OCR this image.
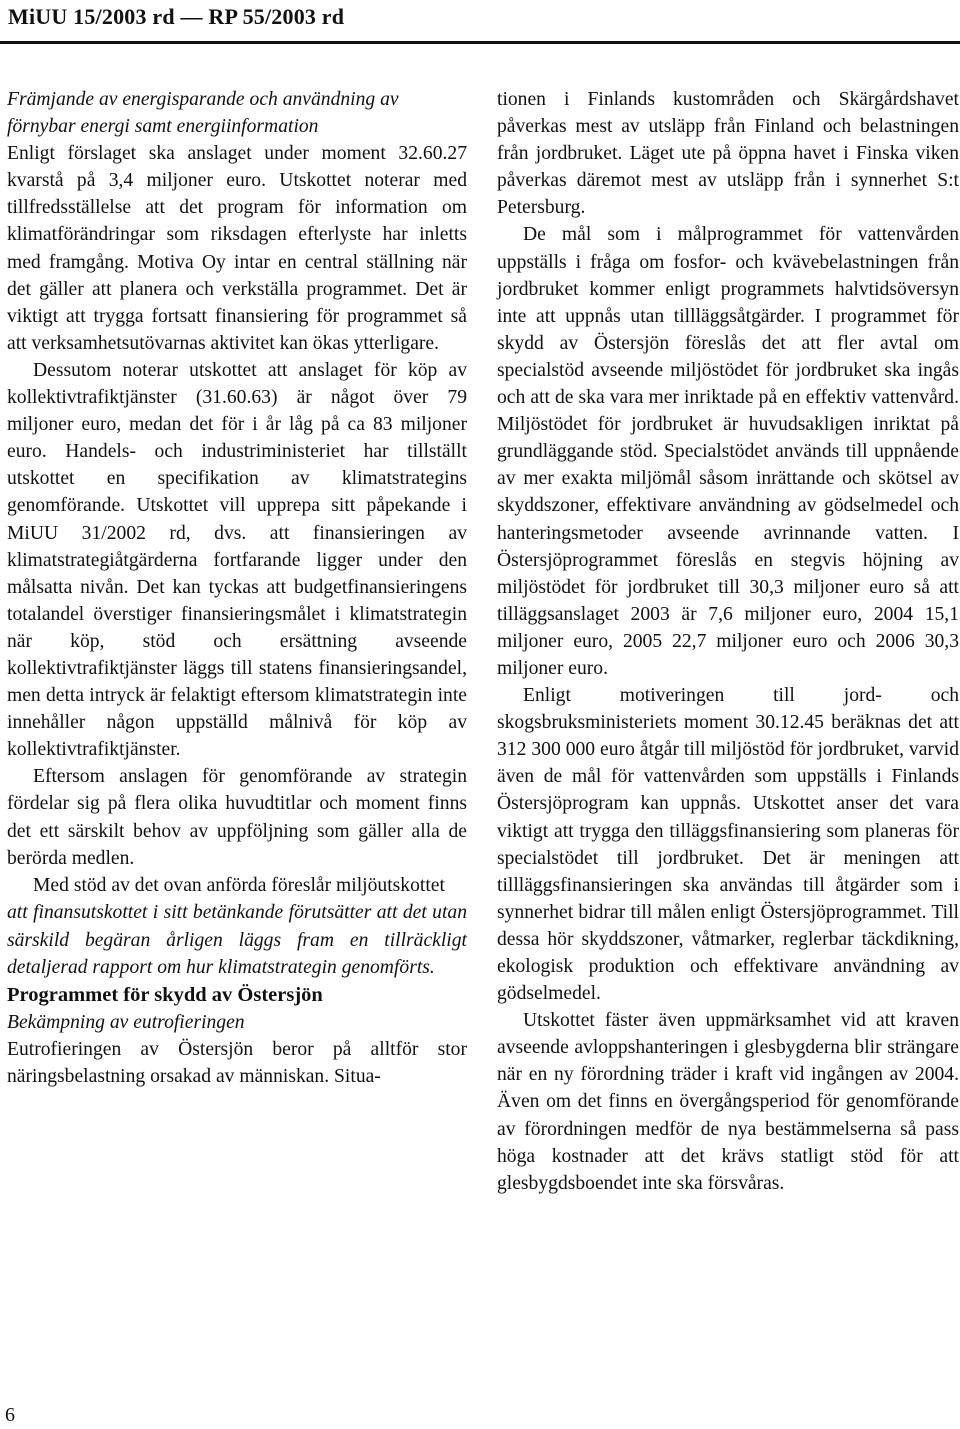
MiUU 15/2003 rd — RP 55/2003 rd

Främjande av energisparande och användning av förnybar energi samt energiinformation

Enligt förslaget ska anslaget under moment 32.60.27 kvarstå på 3,4 miljoner euro. Utskottet noterar med tillfredsställelse att det program för information om klimatförändringar som riksdagen efterlyste har inletts med framgång. Motiva Oy intar en central ställning när det gäller att planera och verkställa programmet. Det är viktigt att trygga fortsatt finansiering för programmet så att verksamhetsutövarnas aktivitet kan ökas ytterligare.

Dessutom noterar utskottet att anslaget för köp av kollektivtrafiktjänster (31.60.63) är något över 79 miljoner euro, medan det för i år låg på ca 83 miljoner euro. Handels- och industriministeriet har tillställt utskottet en specifikation av klimatstrategins genomförande. Utskottet vill upprepa sitt påpekande i MiUU 31/2002 rd, dvs. att finansieringen av klimatstrategiåtgärderna fortfarande ligger under den målsatta nivån. Det kan tyckas att budgetfinansieringens totalandel överstiger finansieringsmålet i klimatstrategin när köp, stöd och ersättning avseende kollektivtrafiktjänster läggs till statens finansieringsandel, men detta intryck är felaktigt eftersom klimatstrategin inte innehåller någon uppställd målnivå för köp av kollektivtrafiktjänster.

Eftersom anslagen för genomförande av strategin fördelar sig på flera olika huvudtitlar och moment finns det ett särskilt behov av uppföljning som gäller alla de berörda medlen.

Med stöd av det ovan anförda föreslår miljöutskottet

att finansutskottet i sitt betänkande förutsätter att det utan särskild begäran årligen läggs fram en tillräckligt detaljerad rapport om hur klimatstrategin genomförts.

Programmet för skydd av Östersjön

Bekämpning av eutrofieringen

Eutrofieringen av Östersjön beror på alltför stor näringsbelastning orsakad av människan. Situa-

tionen i Finlands kustområden och Skärgårdshavet påverkas mest av utsläpp från Finland och belastningen från jordbruket. Läget ute på öppna havet i Finska viken påverkas däremot mest av utsläpp från i synnerhet S:t Petersburg.

De mål som i målprogrammet för vattenvården uppställs i fråga om fosfor- och kvävebelastningen från jordbruket kommer enligt programmets halvtidsöversyn inte att uppnås utan tillläggsåtgärder. I programmet för skydd av Östersjön föreslås det att fler avtal om specialstöd avseende miljöstödet för jordbruket ska ingås och att de ska vara mer inriktade på en effektiv vattenvård. Miljöstödet för jordbruket är huvudsakligen inriktat på grundläggande stöd. Specialstödet används till uppnående av mer exakta miljömål såsom inrättande och skötsel av skyddszoner, effektivare användning av gödselmedel och hanteringsmetoder avseende avrinnande vatten. I Östersjöprogrammet föreslås en stegvis höjning av miljöstödet för jordbruket till 30,3 miljoner euro så att tilläggsanslaget 2003 är 7,6 miljoner euro, 2004 15,1 miljoner euro, 2005 22,7 miljoner euro och 2006 30,3 miljoner euro.

Enligt motiveringen till jord- och skogsbruksministeriets moment 30.12.45 beräknas det att 312 300 000 euro åtgår till miljöstöd för jordbruket, varvid även de mål för vattenvården som uppställs i Finlands Östersjöprogram kan uppnås. Utskottet anser det vara viktigt att trygga den tilläggsfinansiering som planeras för specialstödet till jordbruket. Det är meningen att tillläggsfinansieringen ska användas till åtgärder som i synnerhet bidrar till målen enligt Östersjöprogrammet. Till dessa hör skyddszoner, våtmarker, reglerbar täckdikning, ekologisk produktion och effektivare användning av gödselmedel.

Utskottet fäster även uppmärksamhet vid att kraven avseende avloppshanteringen i glesbygderna blir strängare när en ny förordning träder i kraft vid ingången av 2004. Även om det finns en övergångsperiod för genomförande av förordningen medför de nya bestämmelserna så pass höga kostnader att det krävs statligt stöd för att glesbygdsboendet inte ska försvåras.

6
